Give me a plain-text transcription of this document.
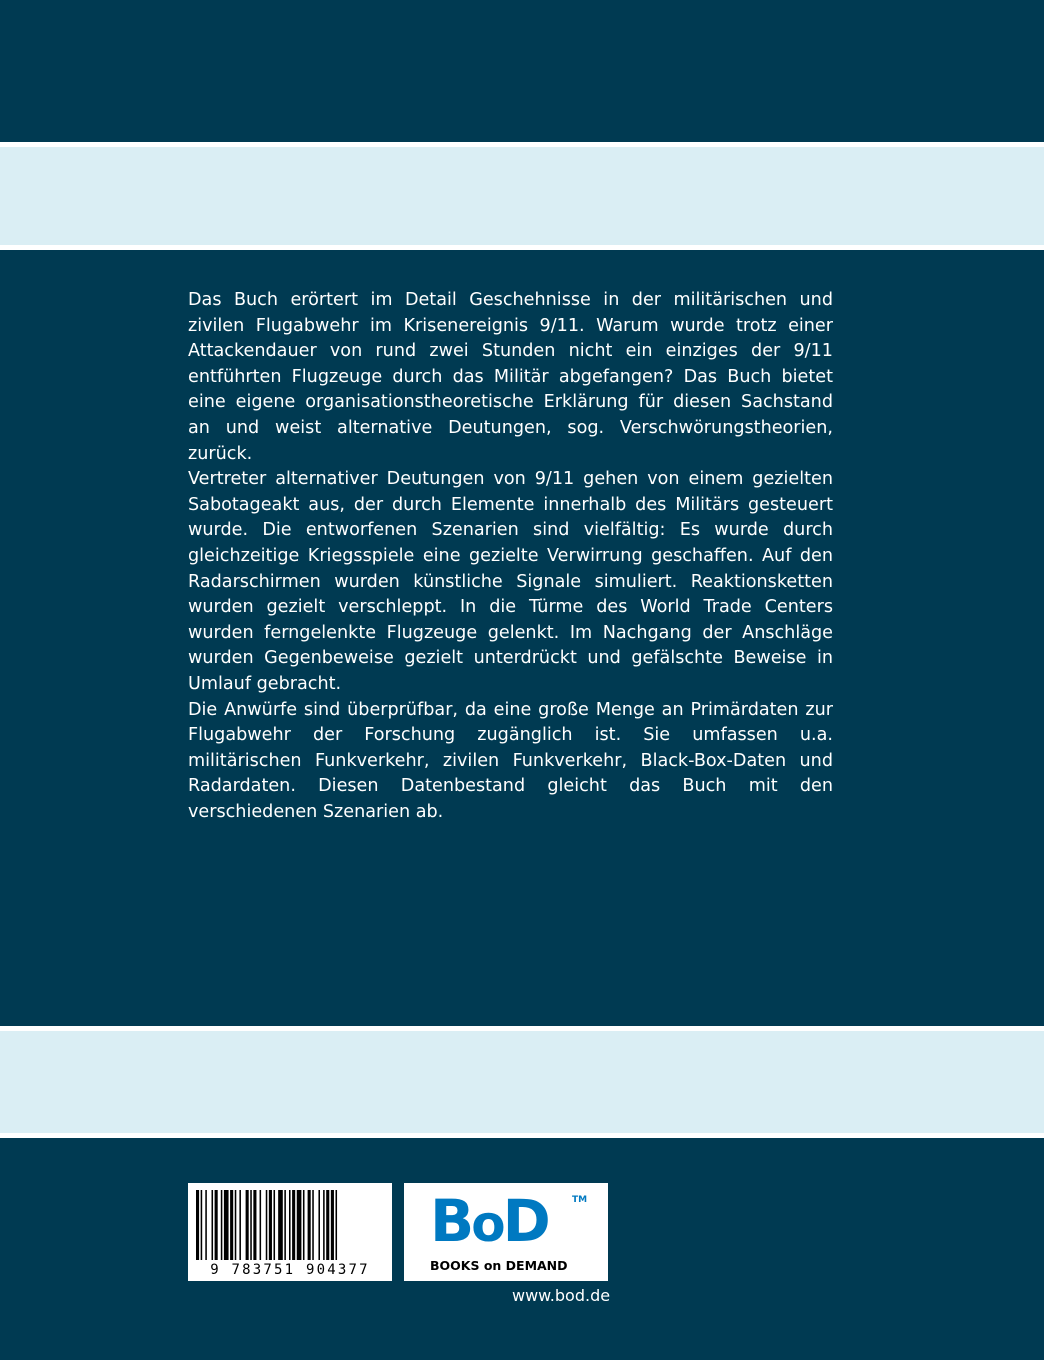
Das Buch erörtert im Detail Geschehnisse in der militärischen und zivilen Flugabwehr im Krisenereignis 9/11. Warum wurde trotz einer Attackendauer von rund zwei Stunden nicht ein einziges der 9/11 entführten Flugzeuge durch das Militär abgefangen? Das Buch bietet eine eigene organisationstheoretische Erklärung für diesen Sachstand an und weist alternative Deutungen, sog. Verschwörungstheorien, zurück.

Vertreter alternativer Deutungen von 9/11 gehen von einem gezielten Sabotageakt aus, der durch Elemente innerhalb des Militärs gesteuert wurde. Die entworfenen Szenarien sind vielfältig: Es wurde durch gleichzeitige Kriegsspiele eine gezielte Verwirrung geschaffen. Auf den Radarschirmen wurden künstliche Signale simuliert. Reaktionsketten wurden gezielt verschleppt. In die Türme des World Trade Centers wurden ferngelenkte Flugzeuge gelenkt. Im Nachgang der Anschläge wurden Gegenbeweise gezielt unterdrückt und gefälschte Beweise in Umlauf gebracht.

Die Anwürfe sind überprüfbar, da eine große Menge an Primärdaten zur Flugabwehr der Forschung zugänglich ist. Sie umfassen u.a. militärischen Funkverkehr, zivilen Funkverkehr, Black-Box-Daten und Radardaten. Diesen Datenbestand gleicht das Buch mit den verschiedenen Szenarien ab.

9 783751 904377
BoD	TM
BOOKS on DEMAND
www.bod.de
